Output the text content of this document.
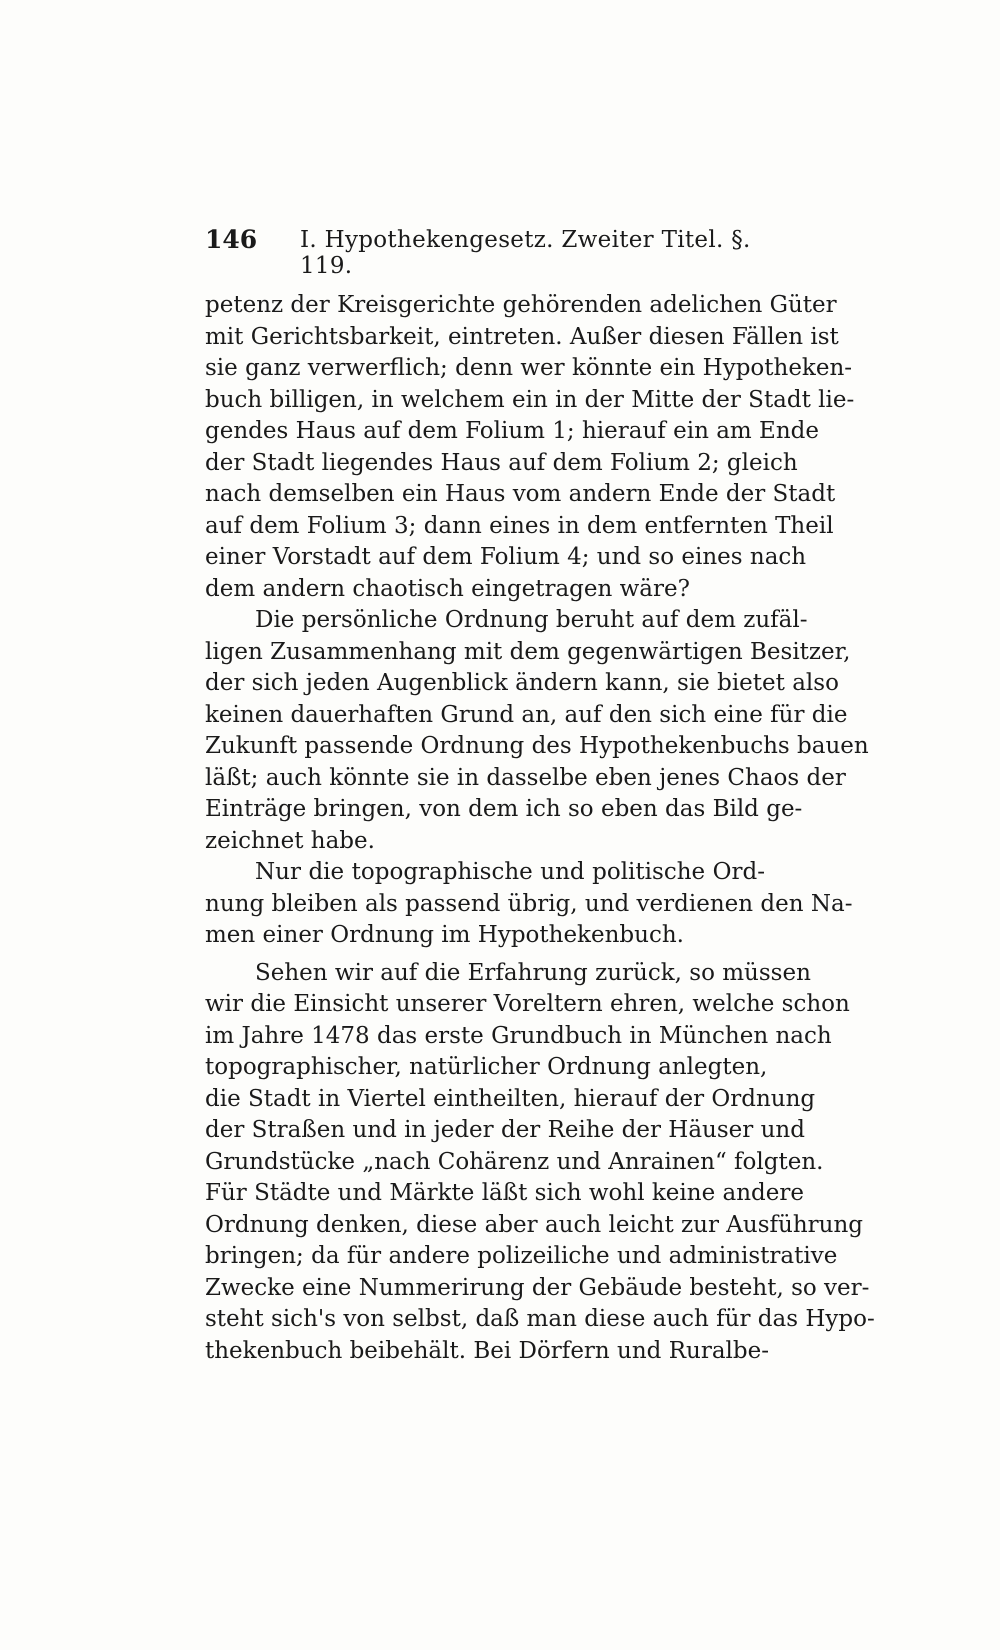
146 I. Hypothekengesetz. Zweiter Titel. §. 119.
petenz der Kreisgerichte gehörenden adelichen Güter
mit Gerichtsbarkeit, eintreten. Außer diesen Fällen ist
sie ganz verwerflich; denn wer könnte ein Hypotheken-
buch billigen, in welchem ein in der Mitte der Stadt lie-
gendes Haus auf dem Folium 1; hierauf ein am Ende
der Stadt liegendes Haus auf dem Folium 2; gleich
nach demselben ein Haus vom andern Ende der Stadt
auf dem Folium 3; dann eines in dem entfernten Theil
einer Vorstadt auf dem Folium 4; und so eines nach
dem andern chaotisch eingetragen wäre?
Die persönliche Ordnung beruht auf dem zufäl-
ligen Zusammenhang mit dem gegenwärtigen Besitzer,
der sich jeden Augenblick ändern kann, sie bietet also
keinen dauerhaften Grund an, auf den sich eine für die
Zukunft passende Ordnung des Hypothekenbuchs bauen
läßt; auch könnte sie in dasselbe eben jenes Chaos der
Einträge bringen, von dem ich so eben das Bild ge-
zeichnet habe.
Nur die topographische und politische Ord-
nung bleiben als passend übrig, und verdienen den Na-
men einer Ordnung im Hypothekenbuch.
Sehen wir auf die Erfahrung zurück, so müssen
wir die Einsicht unserer Voreltern ehren, welche schon
im Jahre 1478 das erste Grundbuch in München nach
topographischer, natürlicher Ordnung anlegten,
die Stadt in Viertel eintheilten, hierauf der Ordnung
der Straßen und in jeder der Reihe der Häuser und
Grundstücke „nach Cohärenz und Anrainen“ folgten.
Für Städte und Märkte läßt sich wohl keine andere
Ordnung denken, diese aber auch leicht zur Ausführung
bringen; da für andere polizeiliche und administrative
Zwecke eine Nummerirung der Gebäude besteht, so ver-
steht sich's von selbst, daß man diese auch für das Hypo-
thekenbuch beibehält. Bei Dörfern und Ruralbe-
